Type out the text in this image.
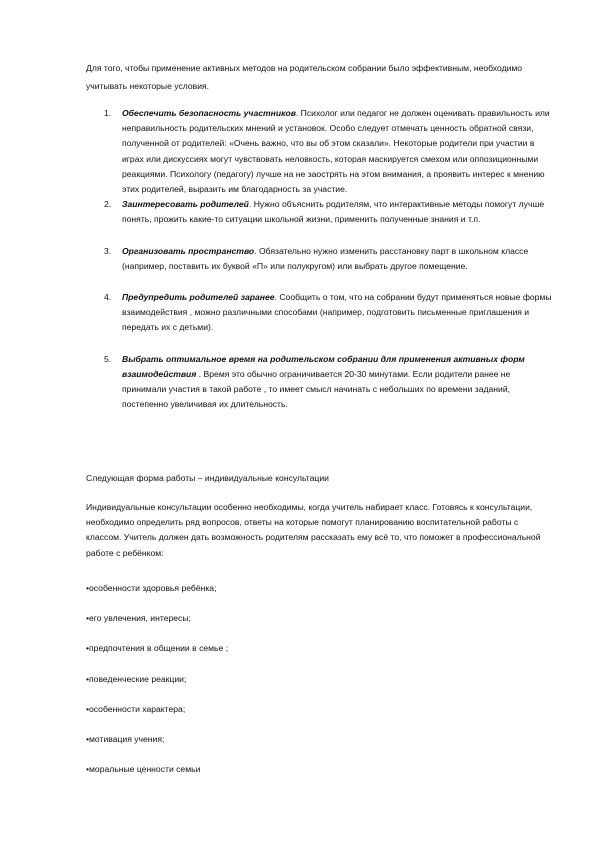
Для того, чтобы применение активных методов на родительском собрании было эффективным, необходимо учитывать некоторые условия.

1. Обеспечить безопасность участников. Психолог или педагог не должен оценивать правильность или неправильность родительских мнений и установок. Особо следует отмечать ценность обратной связи, полученной от родителей: «Очень важно, что вы об этом сказали». Некоторые родители при участии в играх или дискуссиях могут чувствовать неловкость, которая маскируется смехом или оппозиционными реакциями. Психологу (педагогу) лучше на не заострять на этом внимания, а проявить интерес к мнению этих родителей, выразить им благодарность за участие.
2. Заинтересовать родителей. Нужно объяснить родителям, что интерактивные методы помогут лучше понять, прожить какие-то ситуации школьной жизни, применить полученные знания и т.п.
3. Организовать пространство. Обязательно нужно изменить расстановку парт в школьном классе (например, поставить их буквой «П» или полукругом) или выбрать другое помещение.
4. Предупредить родителей заранее. Сообщить о том, что на собрании будут применяться новые формы взаимодействия , можно различными способами (например, подготовить письменные приглашения и передать их с детьми).
5. Выбрать оптимальное время на родительском собрании для применения активных форм взаимодействия . Время это обычно ограничивается 20-30 минутами. Если родители ранее не принимали участия в такой работе , то имеет смысл начинать с небольших по времени заданий, постепенно увеличивая их длительность.

Следующая форма работы – индивидуальные консультации

Индивидуальные консультации особенно необходимы, когда учитель набирает класс. Готовясь к консультации, необходимо определить ряд вопросов, ответы на которые помогут планированию воспитательной работы с классом. Учитель должен дать возможность родителям рассказать ему всё то, что поможет в профессиональной работе с ребёнком:

•особенности здоровья ребёнка;
•его увлечения, интересы;
•предпочтения в общении в семье ;
•поведенческие реакции;
•особенности характера;
•мотивация учения;
•моральные ценности семьи
